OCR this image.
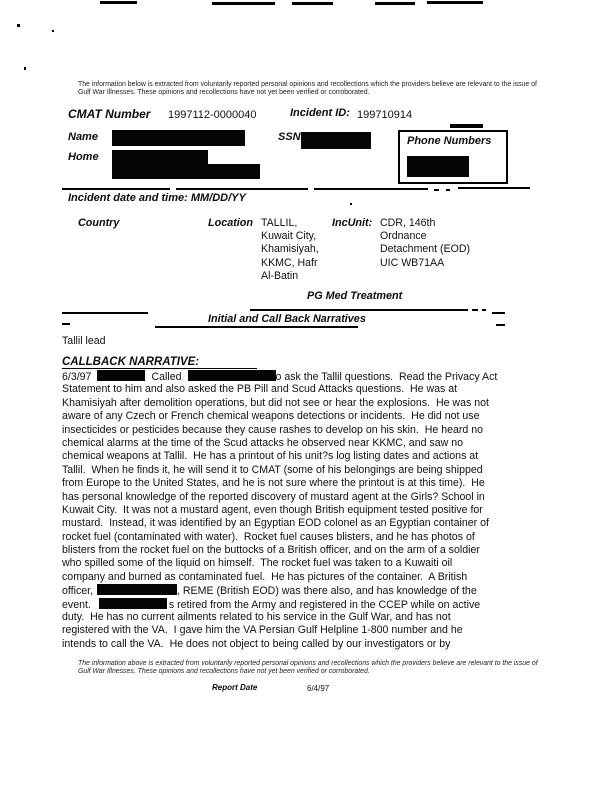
The information below is extracted from voluntarily reported personal opinions and recollections which the providers believe are relevant to the issue of Gulf War Illnesses. These opinions and recollections have not yet been verified or corroborated.
CMAT Number 1997112-0000040	Incident ID: 199710914
Name	SSN	Phone Numbers
Home
Incident date and time: MM/DD/YY
Country	Location TALLIL,
Kuwait City,
Khamisiyah,
KKMC, Hafr
Al-Batin
IncUnit: CDR, 146th
Ordnance
Detachment (EOD)
UIC WB71AA
PG Med Treatment
Initial and Call Back Narratives
Tallil lead
CALLBACK NARRATIVE:
6/3/97	Called	o ask the Tallil questions.  Read the Privacy Act
Statement to him and also asked the PB Pill and Scud Attacks questions.  He was at
Khamisiyah after demolition operations, but did not see or hear the explosions.  He was not
aware of any Czech or French chemical weapons detections or incidents.  He did not use
insecticides or pesticides because they cause rashes to develop on his skin.  He heard no
chemical alarms at the time of the Scud attacks he observed near KKMC, and saw no
chemical weapons at Tallil.  He has a printout of his unit?s log listing dates and actions at
Tallil.  When he finds it, he will send it to CMAT (some of his belongings are being shipped
from Europe to the United States, and he is not sure where the printout is at this time).  He
has personal knowledge of the reported discovery of mustard agent at the Girls? School in
Kuwait City.  It was not a mustard agent, even though British equipment tested positive for
mustard.  Instead, it was identified by an Egyptian EOD colonel as an Egyptian container of
rocket fuel (contaminated with water).  Rocket fuel causes blisters, and he has photos of
blisters from the rocket fuel on the buttocks of a British officer, and on the arm of a soldier
who spilled some of the liquid on himself.  The rocket fuel was taken to a Kuwaiti oil
company and burned as contaminated fuel.  He has pictures of the container.  A British
officer,	, REME (British EOD) was there also, and has knowledge of the
event.	s retired from the Army and registered in the CCEP while on active
duty.  He has no current ailments related to his service in the Gulf War, and has not
registered with the VA.  I gave him the VA Persian Gulf Helpline 1-800 number and he
intends to call the VA.  He does not object to being called by our investigators or by
The information above is extracted from voluntarily reported personal opinions and recollections which the providers believe are relevant to the issue of Gulf War Illnesses. These opinions and recollections have not yet been verified or corroborated.
Report Date	6/4/97
